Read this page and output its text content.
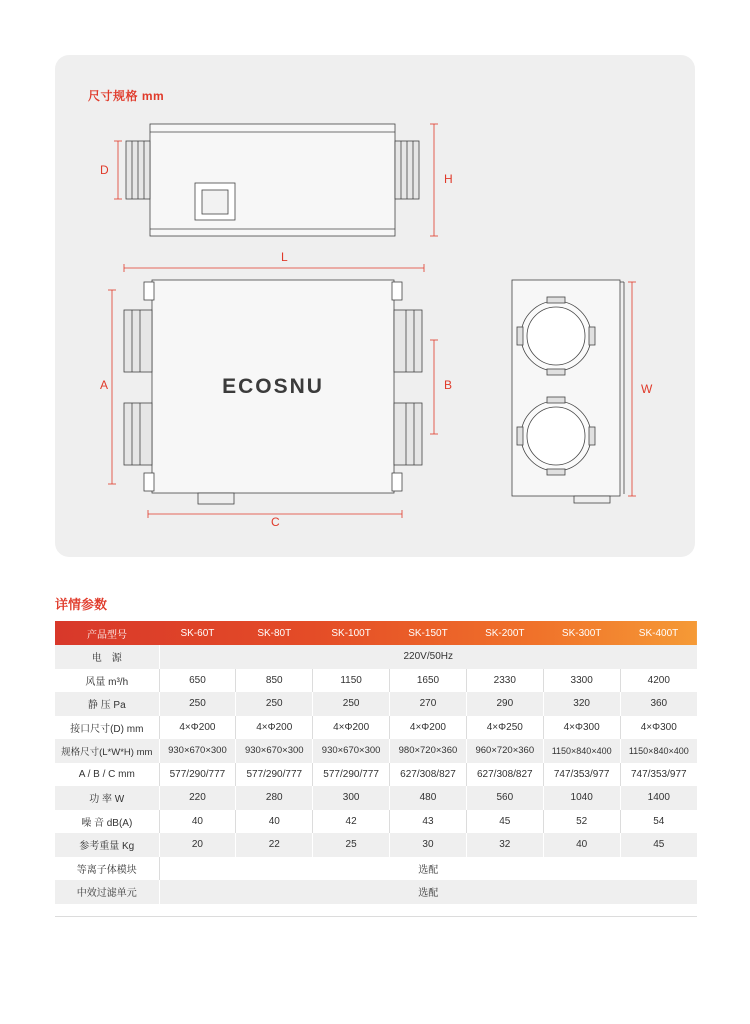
尺寸规格 mm
ECOSNU
D
H
L
A	B
C
W
详情参数
产品型号	SK-60T	SK-80T	SK-100T	SK-150T	SK-200T	SK-300T	SK-400T
电　源	220V/50Hz						
风量 m³/h	650	850	1150	1650	2330	3300	4200
静 压 Pa	250	250	250	270	290	320	360
接口尺寸(D) mm	4×Φ200	4×Φ200	4×Φ200	4×Φ200	4×Φ250	4×Φ300	4×Φ300
规格尺寸(L*W*H) mm	930×670×300	930×670×300	930×670×300	980×720×360	960×720×360	1150×840×400	1150×840×400
A / B / C mm	577/290/777	577/290/777	577/290/777	627/308/827	627/308/827	747/353/977	747/353/977
功 率 W	220	280	300	480	560	1040	1400
噪 音 dB(A)	40	40	42	43	45	52	54
参考重量 Kg	20	22	25	30	32	40	45
等离子体模块	选配						
中效过滤单元	选配						
